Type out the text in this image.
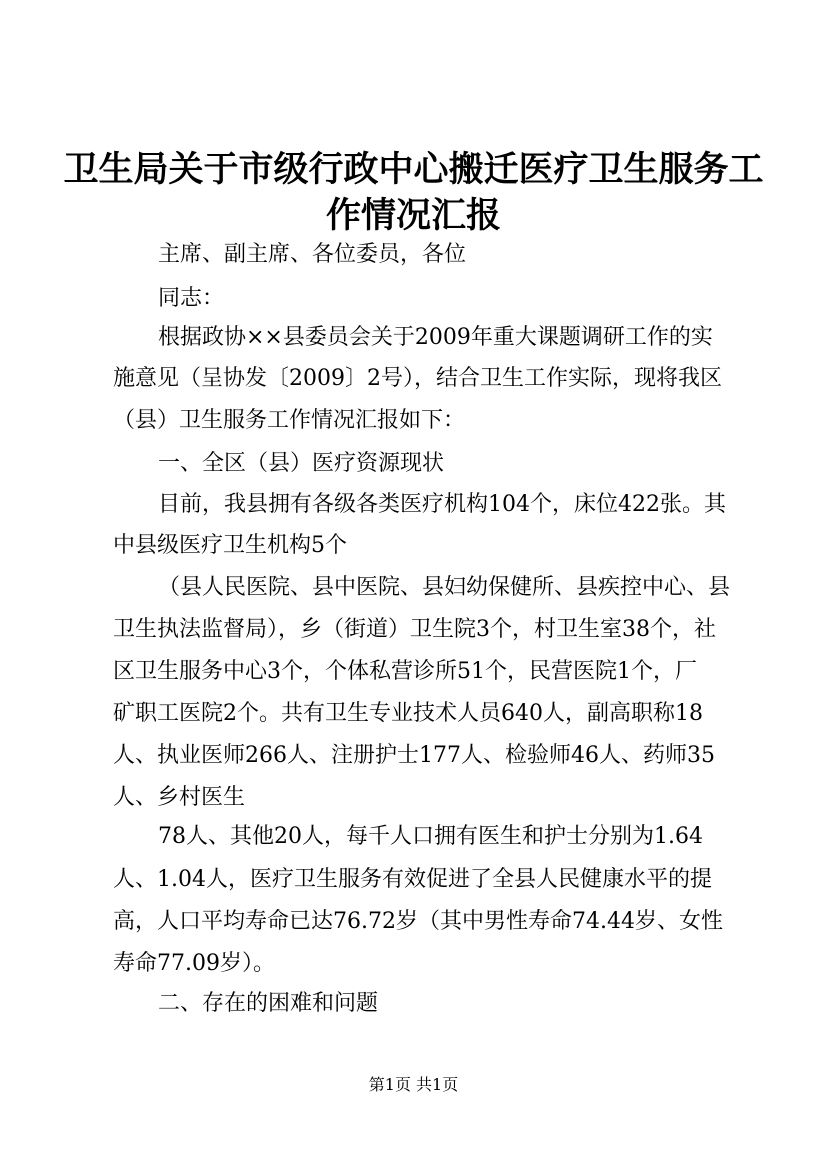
卫生局关于市级行政中心搬迁医疗卫生服务工
作情况汇报
主席、副主席、各位委员，各位
同志：
根据政协××县委员会关于2009年重大课题调研工作的实
施意见（呈协发〔2009〕2号），结合卫生工作实际，现将我区
（县）卫生服务工作情况汇报如下：
一、全区（县）医疗资源现状
目前，我县拥有各级各类医疗机构104个，床位422张。其
中县级医疗卫生机构5个
（县人民医院、县中医院、县妇幼保健所、县疾控中心、县
卫生执法监督局），乡（街道）卫生院3个，村卫生室38个，社
区卫生服务中心3个，个体私营诊所51个，民营医院1个，厂
矿职工医院2个。共有卫生专业技术人员640人，副高职称18
人、执业医师266人、注册护士177人、检验师46人、药师35
人、乡村医生
78人、其他20人，每千人口拥有医生和护士分别为1.64
人、1.04人，医疗卫生服务有效促进了全县人民健康水平的提
高，人口平均寿命已达76.72岁（其中男性寿命74.44岁、女性
寿命77.09岁）。
二、存在的困难和问题
第1页 共1页
